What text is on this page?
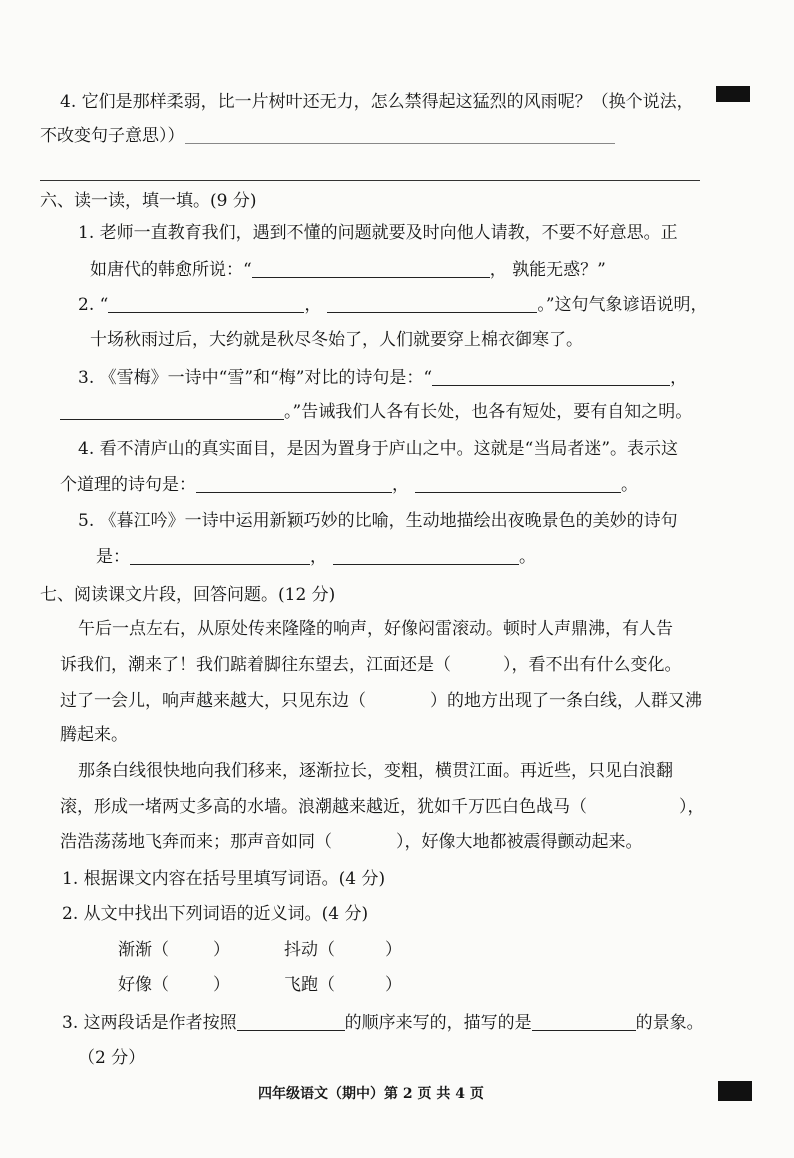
4. 它们是那样柔弱，比一片树叶还无力，怎么禁得起这猛烈的风雨呢？（换个说法，
不改变句子意思））
六、读一读，填一填。(9 分)
1. 老师一直教育我们，遇到不懂的问题就要及时向他人请教，不要不好意思。正
如唐代的韩愈所说：“	， 孰能无惑？”
2. “	，	。”这句气象谚语说明，
十场秋雨过后，大约就是秋尽冬始了，人们就要穿上棉衣御寒了。
3. 《雪梅》一诗中“雪”和“梅”对比的诗句是：“	，
。”告诫我们人各有长处，也各有短处，要有自知之明。
4. 看不清庐山的真实面目，是因为置身于庐山之中。这就是“当局者迷”。表示这
个道理的诗句是：	，	。
5. 《暮江吟》一诗中运用新颖巧妙的比喻，生动地描绘出夜晚景色的美妙的诗句
是：	，	。
七、阅读课文片段，回答问题。(12 分)
午后一点左右，从原处传来隆隆的响声，好像闷雷滚动。顿时人声鼎沸，有人告
诉我们，潮来了！我们踮着脚往东望去，江面还是（	），看不出有什么变化。
过了一会儿，响声越来越大，只见东边（	）的地方出现了一条白线，人群又沸
腾起来。
那条白线很快地向我们移来，逐渐拉长，变粗，横贯江面。再近些，只见白浪翻
滚，形成一堵两丈多高的水墙。浪潮越来越近，犹如千万匹白色战马（	），
浩浩荡荡地飞奔而来；那声音如同（	），好像大地都被震得颤动起来。
1. 根据课文内容在括号里填写词语。(4 分)
2. 从文中找出下列词语的近义词。(4 分)
渐渐（	）	抖动（	）
好像（	）	飞跑（	）
3. 这两段话是作者按照	的顺序来写的，描写的是	的景象。
（2 分）
四年级语文（期中）第 2 页 共 4 页
